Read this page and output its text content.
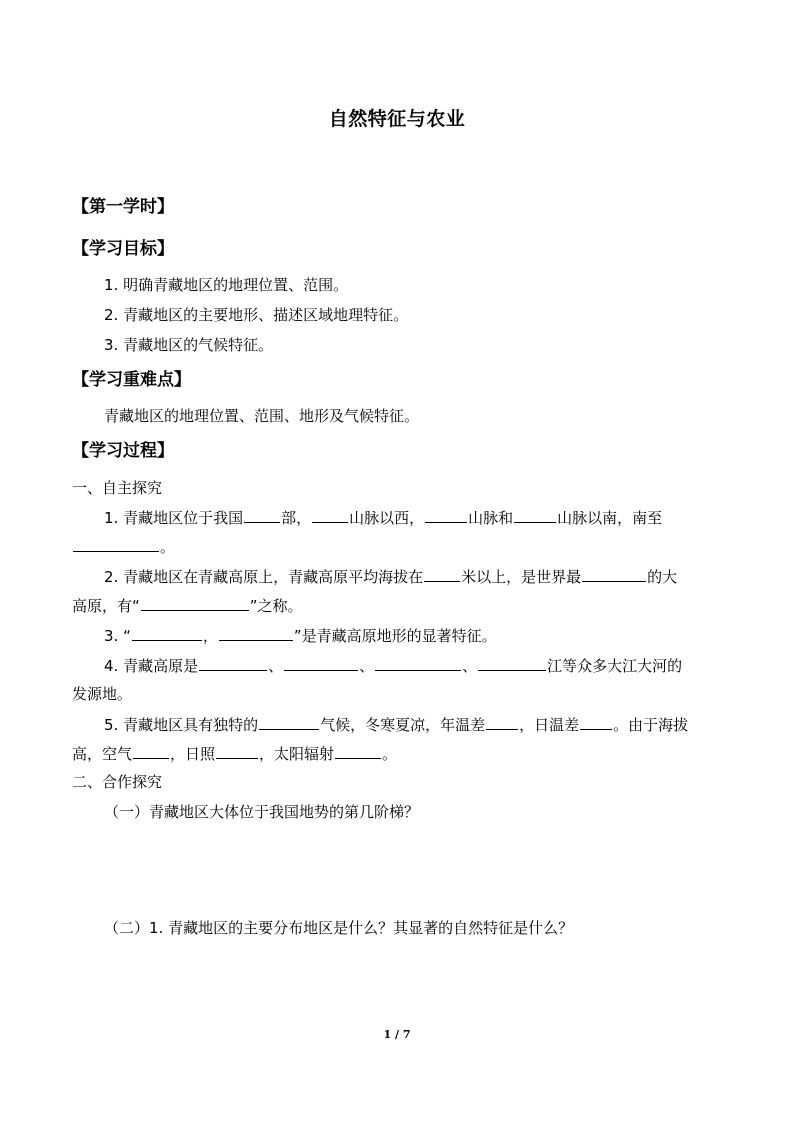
自然特征与农业
【第一学时】
【学习目标】
1. 明确青藏地区的地理位置、范围。
2. 青藏地区的主要地形、描述区域地理特征。
3. 青藏地区的气候特征。
【学习重难点】
青藏地区的地理位置、范围、地形及气候特征。
【学习过程】
一、自主探究
1. 青藏地区位于我国	部，	山脉以西，	山脉和	山脉以南，南至
。
2. 青藏地区在青藏高原上，青藏高原平均海拔在	米以上，是世界最	的大
高原，有“	”之称。
3. “	，	”是青藏高原地形的显著特征。
4. 青藏高原是	、	、	、	江等众多大江大河的
发源地。
5. 青藏地区具有独特的	气候，冬寒夏凉，年温差 ，日温差 。由于海拔
高，空气	，日照	，太阳辐射	。
二、合作探究
（一）青藏地区大体位于我国地势的第几阶梯？
（二）1. 青藏地区的主要分布地区是什么？其显著的自然特征是什么？
1 / 7
